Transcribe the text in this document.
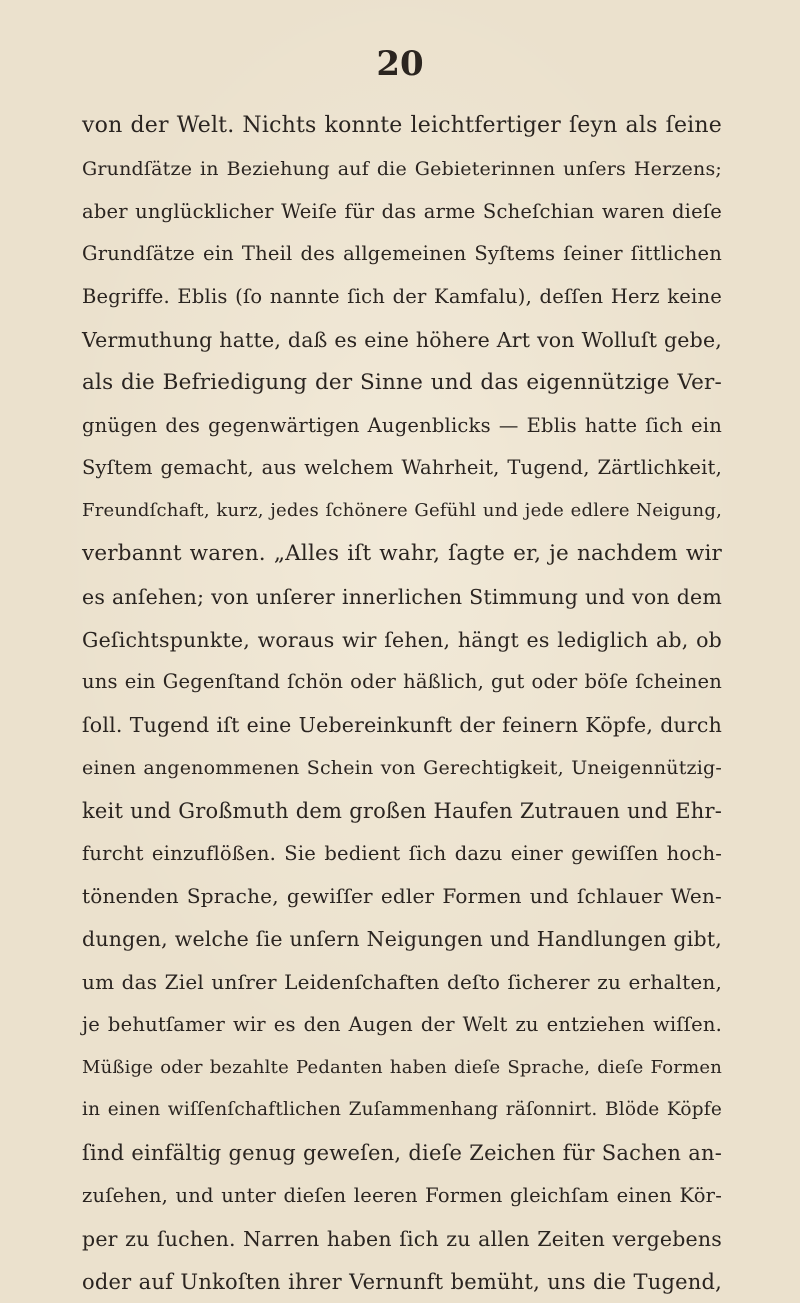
20
von der Welt. Nichts konnte leichtfertiger ſeyn als ſeine
Grundſätze in Beziehung auf die Gebieterinnen unſers Herzens;
aber unglücklicher Weiſe für das arme Scheſchian waren dieſe
Grundſätze ein Theil des allgemeinen Syſtems ſeiner ſittlichen
Begriffe. Eblis (ſo nannte ſich der Kamfalu), deſſen Herz keine
Vermuthung hatte, daß es eine höhere Art von Wolluſt gebe,
als die Befriedigung der Sinne und das eigennützige Ver-
gnügen des gegenwärtigen Augenblicks — Eblis hatte ſich ein
Syſtem gemacht, aus welchem Wahrheit, Tugend, Zärtlichkeit,
Freundſchaft, kurz, jedes ſchönere Gefühl und jede edlere Neigung,
verbannt waren. „Alles iſt wahr, ſagte er, je nachdem wir
es anſehen; von unſerer innerlichen Stimmung und von dem
Geſichtspunkte, woraus wir ſehen, hängt es lediglich ab, ob
uns ein Gegenſtand ſchön oder häßlich, gut oder böſe ſcheinen
ſoll. Tugend iſt eine Uebereinkunft der feinern Köpfe, durch
einen angenommenen Schein von Gerechtigkeit, Uneigennützig-
keit und Großmuth dem großen Haufen Zutrauen und Ehr-
furcht einzuflößen. Sie bedient ſich dazu einer gewiſſen hoch-
tönenden Sprache, gewiſſer edler Formen und ſchlauer Wen-
dungen, welche ſie unſern Neigungen und Handlungen gibt,
um das Ziel unſrer Leidenſchaften deſto ſicherer zu erhalten,
je behutſamer wir es den Augen der Welt zu entziehen wiſſen.
Müßige oder bezahlte Pedanten haben dieſe Sprache, dieſe Formen
in einen wiſſenſchaftlichen Zuſammenhang räſonnirt. Blöde Köpfe
ſind einfältig genug geweſen, dieſe Zeichen für Sachen an-
zuſehen, und unter dieſen leeren Formen gleichſam einen Kör-
per zu ſuchen. Narren haben ſich zu allen Zeiten vergebens
oder auf Unkoſten ihrer Vernunft bemüht, uns die Tugend,
